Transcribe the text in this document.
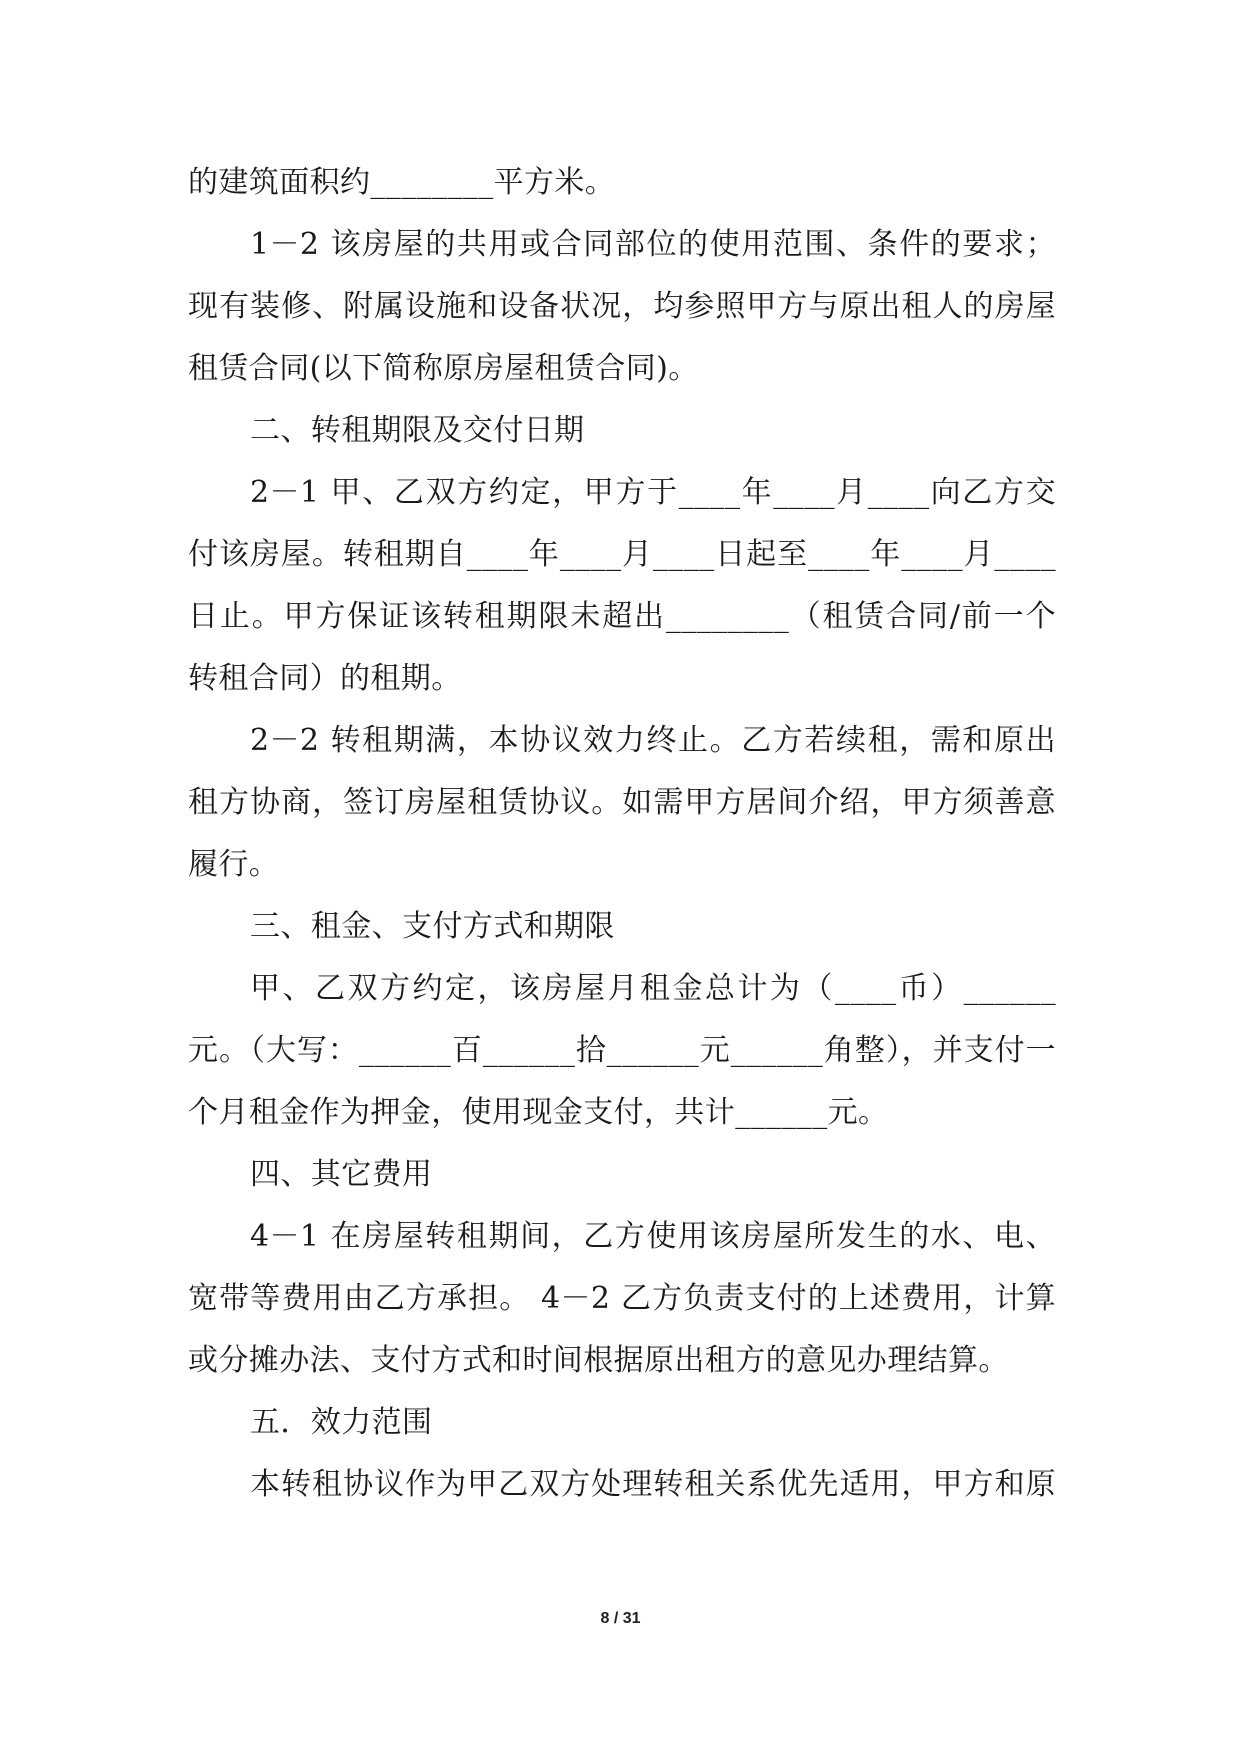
的建筑面积约________平方米。
1－2 该房屋的共用或合同部位的使用范围、条件的要求；
现有装修、附属设施和设备状况，均参照甲方与原出租人的房屋
租赁合同(以下简称原房屋租赁合同)。
二、转租期限及交付日期
2－1 甲、乙双方约定，甲方于____年____月____向乙方交
付该房屋。转租期自____年____月____日起至____年____月____
日止。甲方保证该转租期限未超出________（租赁合同/前一个
转租合同）的租期。
2－2 转租期满，本协议效力终止。乙方若续租，需和原出
租方协商，签订房屋租赁协议。如需甲方居间介绍，甲方须善意
履行。
三、租金、支付方式和期限
甲、乙双方约定，该房屋月租金总计为（____币）______
元。（大写：______百______拾______元______角整），并支付一
个月租金作为押金，使用现金支付，共计______元。
四、其它费用
4－1 在房屋转租期间，乙方使用该房屋所发生的水、电、
宽带等费用由乙方承担。 4－2 乙方负责支付的上述费用，计算
或分摊办法、支付方式和时间根据原出租方的意见办理结算。
五．效力范围
本转租协议作为甲乙双方处理转租关系优先适用，甲方和原
8 / 31
